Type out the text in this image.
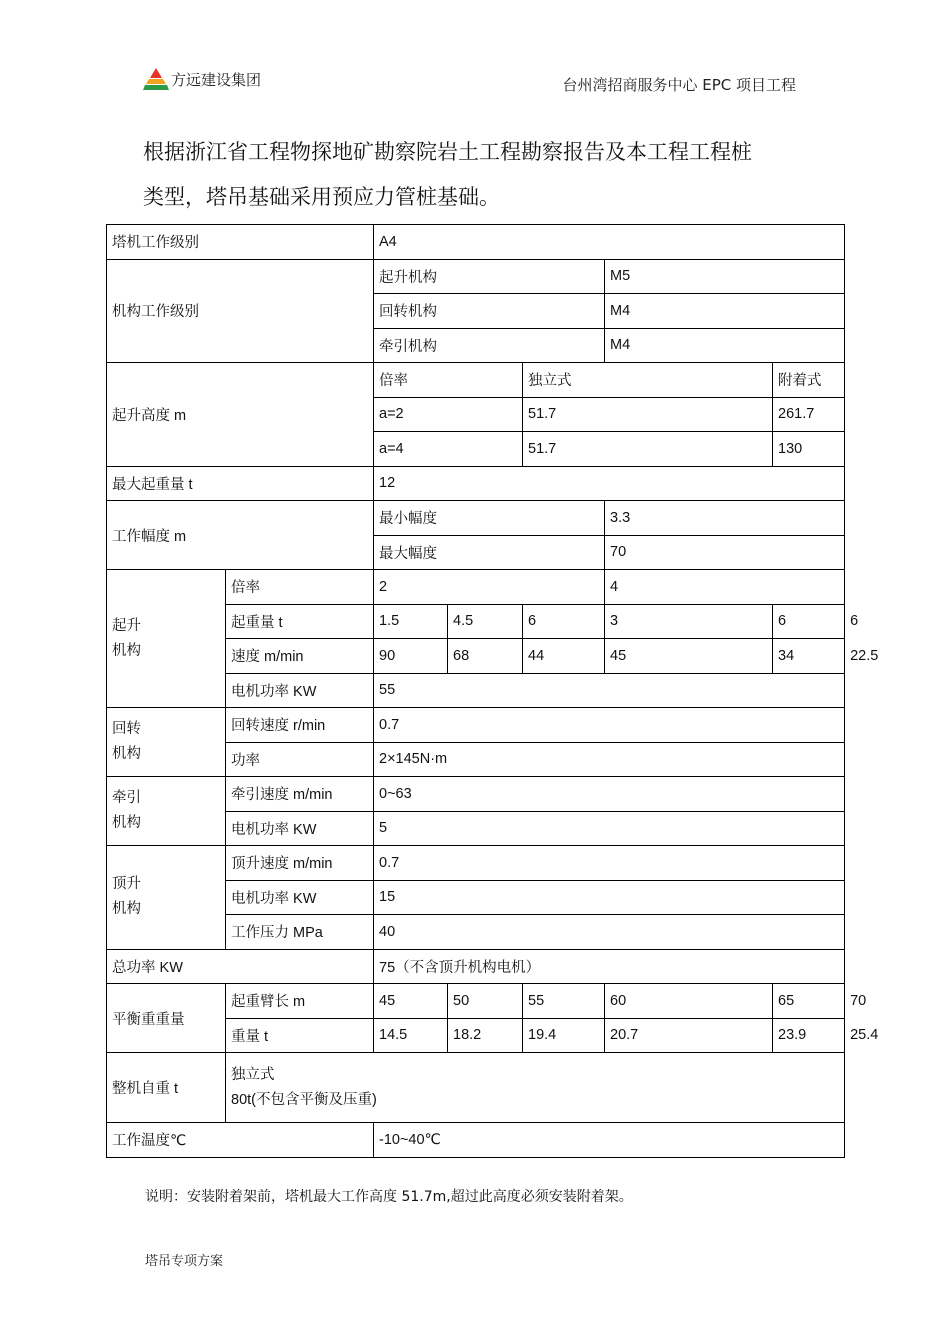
方远建设集团	台州湾招商服务中心 EPC 项目工程

根据浙江省工程物探地矿勘察院岩土工程勘察报告及本工程工程桩

类型，塔吊基础采用预应力管桩基础。

塔机工作级别		A4					
机构工作级别		起升机构			M5		
		回转机构			M4		
		牵引机构			M4		
起升高度 m		倍率		独立式		附着式	
		a=2		51.7		261.7	
		a=4		51.7		130	
最大起重量 t		12					
工作幅度 m		最小幅度			3.3		
		最大幅度			70		
起升
机构	倍率	2			4		
	起重量 t	1.5	4.5	6	3	6	6
	速度 m/min	90	68	44	45	34	22.5
	电机功率 KW	55					
回转
机构	回转速度 r/min	0.7					
	功率	2×145N·m					
牵引
机构	牵引速度 m/min	0~63					
	电机功率 KW	5					
顶升
机构	顶升速度 m/min	0.7					
	电机功率 KW	15					
	工作压力 MPa	40					
总功率 KW		75（不含顶升机构电机）					
平衡重重量	起重臂长 m	45	50	55	60	65	70
	重量 t	14.5	18.2	19.4	20.7	23.9	25.4
整机自重 t	独立式
80t(不包含平衡及压重)						
工作温度℃		-10~40℃					
说明：安装附着架前，塔机最大工作高度 51.7m,超过此高度必须安装附着架。
塔吊专项方案
